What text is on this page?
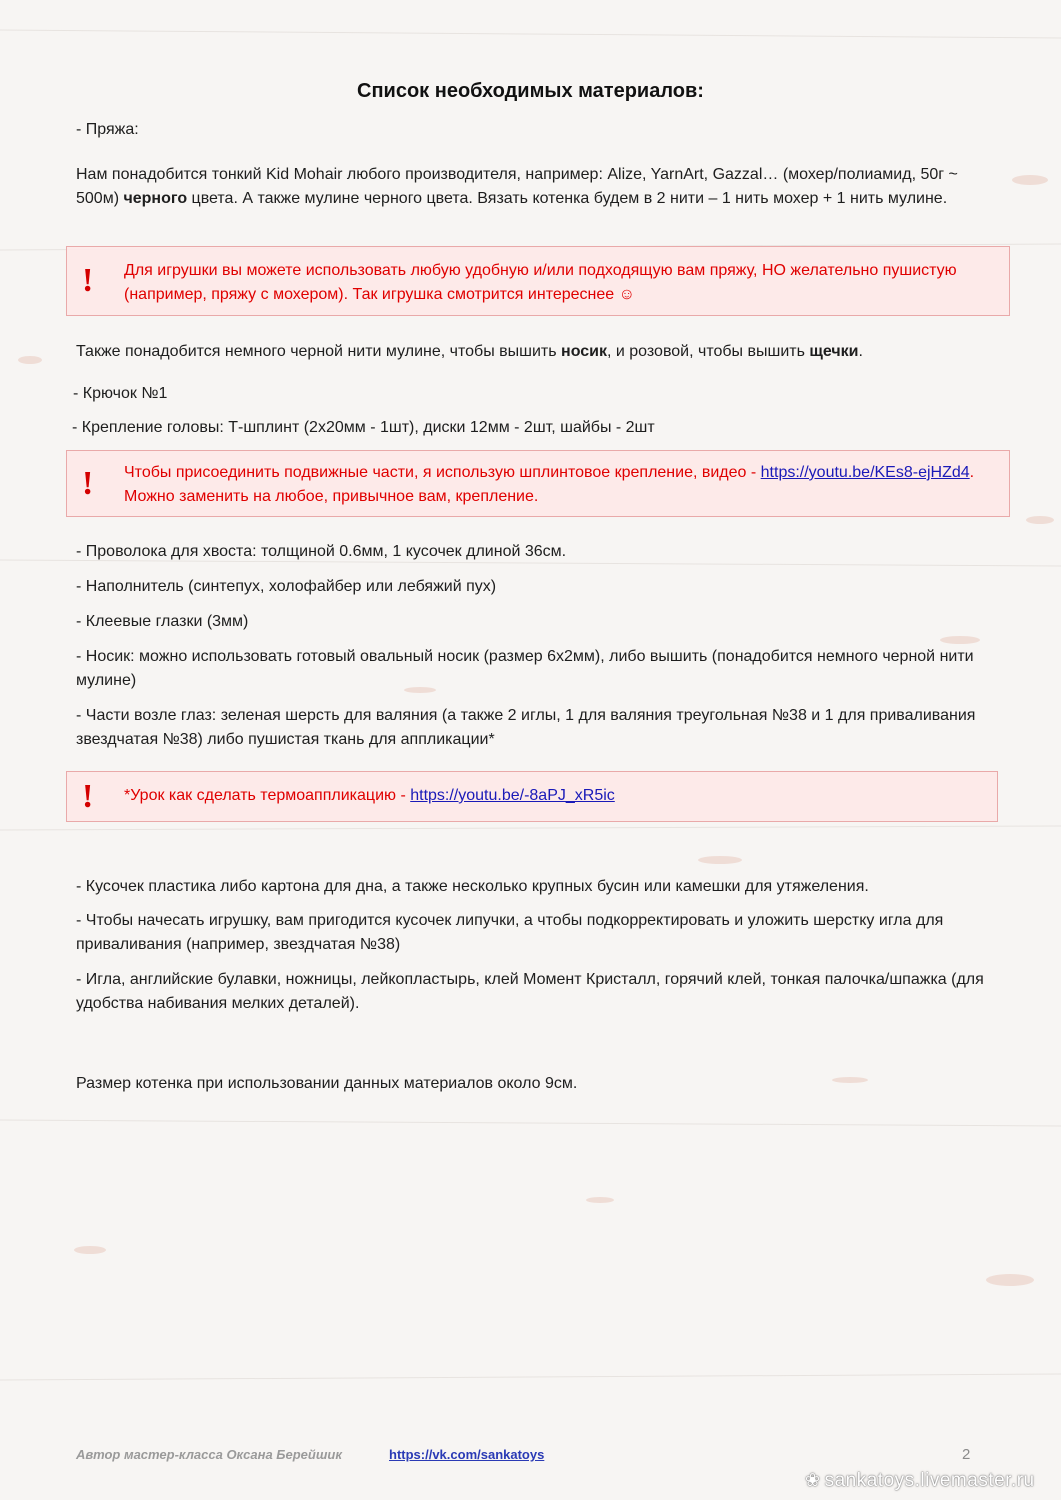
Список необходимых материалов:
- Пряжа:
Нам понадобится тонкий Kid Mohair любого производителя, например: Alize, YarnArt, Gazzal… (мохер/полиамид, 50г ~ 500м) черного цвета. А также мулине черного цвета. Вязать котенка будем в 2 нити – 1 нить мохер + 1 нить мулине.
! Для игрушки вы можете использовать любую удобную и/или подходящую вам пряжу, НО желательно пушистую (например, пряжу с мохером). Так игрушка смотрится интереснее ☺
Также понадобится немного черной нити мулине, чтобы вышить носик, и розовой, чтобы вышить щечки.
- Крючок №1
- Крепление головы: Т-шплинт (2х20мм - 1шт), диски 12мм - 2шт, шайбы - 2шт
! Чтобы присоединить подвижные части, я использую шплинтовое крепление, видео - https://youtu.be/KEs8-ejHZd4. Можно заменить на любое, привычное вам, крепление.
- Проволока для хвоста: толщиной 0.6мм, 1 кусочек длиной 36см.
- Наполнитель (синтепух, холофайбер или лебяжий пух)
- Клеевые глазки (3мм)
- Носик: можно использовать готовый овальный носик (размер 6х2мм), либо вышить (понадобится немного черной нити мулине)
- Части возле глаз: зеленая шерсть для валяния (а также 2 иглы, 1 для валяния треугольная №38 и 1 для приваливания звездчатая №38) либо пушистая ткань для аппликации*
! *Урок как сделать термоаппликацию - https://youtu.be/-8aPJ_xR5ic
- Кусочек пластика либо картона для дна, а также несколько крупных бусин или камешки для утяжеления.
- Чтобы начесать игрушку, вам пригодится кусочек липучки, а чтобы подкорректировать и уложить шерстку игла для приваливания (например, звездчатая №38)
- Игла, английские булавки, ножницы, лейкопластырь, клей Момент Кристалл, горячий клей, тонкая палочка/шпажка (для удобства набивания мелких деталей).
Размер котенка при использовании данных материалов около 9см.
Автор мастер-класса Оксана Берейшик	https://vk.com/sankatoys	2
❀ sankatoys.livemaster.ru
